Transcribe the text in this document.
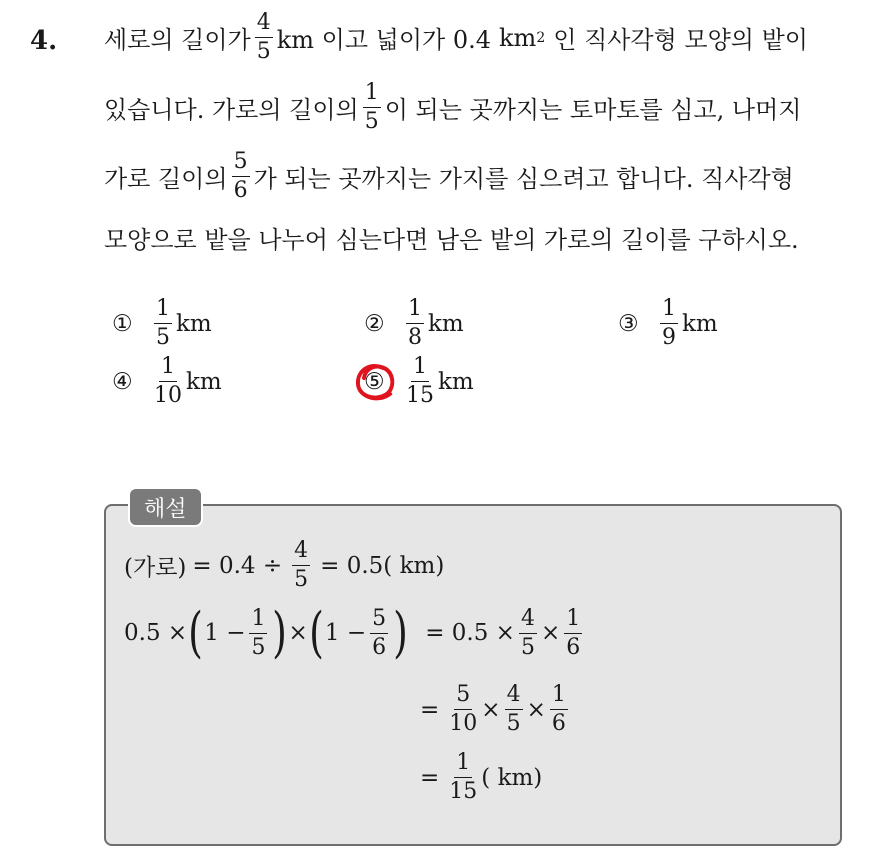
4. 세로의 길이가 $\frac{4}{5}$ km 이고 넓이가 0.4 km 2 인 직사각형 모양의 밭이
있습니다. 가로의 길이의 $\frac{1}{5}$ 이 되는 곳까지는 토마토를 심고, 나머지
가로 길이의 $\frac{5}{6}$ 가 되는 곳까지는 가지를 심으려고 합니다. 직사각형
모양으로 밭을 나누어 심는다면 남은 밭의 가로의 길이를 구하시오.
① $\frac{1}{5}$ km	② $\frac{1}{8}$ km	③ $\frac{1}{9}$ km
④ $\frac{1}{10}$ km	⑤ $\frac{1}{15}$ km
해설
(가로) = $0.4 \div \frac{4}{5} = 0.5$( km)
0.5 × ( $1 - \frac{1}{5}$ ) × ( $1 - \frac{5}{6}$ ) = $0.5 \times \frac{4}{5} \times \frac{1}{6}$
= $\frac{5}{10} \times \frac{4}{5} \times \frac{1}{6}$
= $\frac{1}{15}$ ( km)
